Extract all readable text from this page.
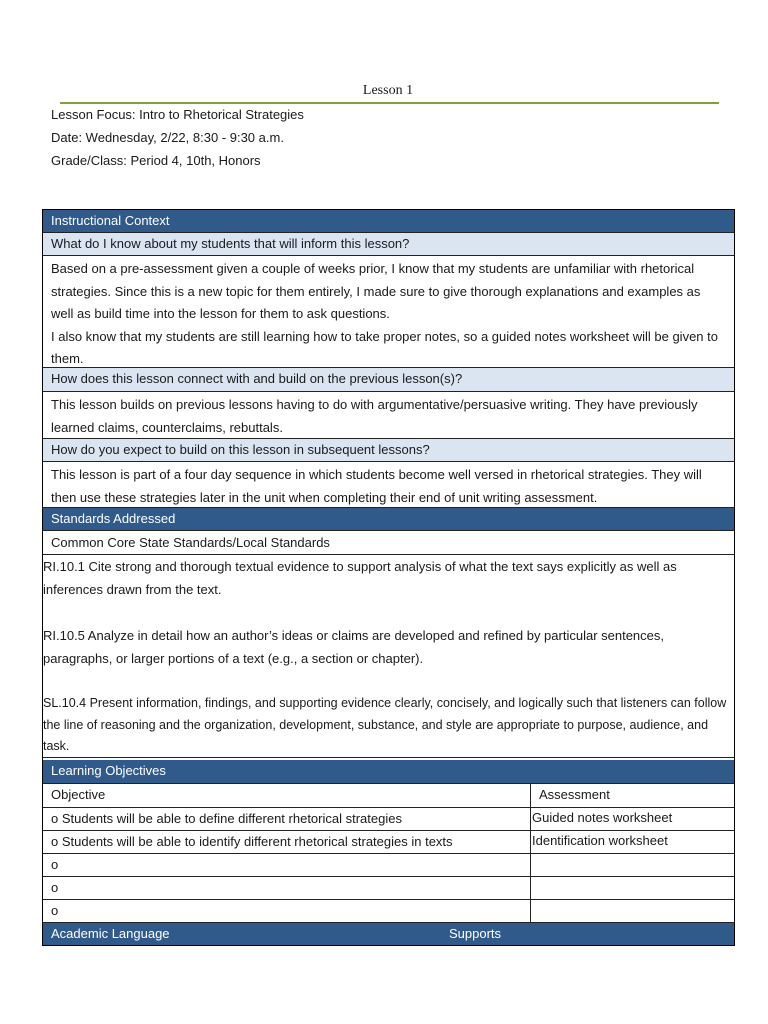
Lesson 1
Lesson Focus: Intro to Rhetorical Strategies
Date: Wednesday, 2/22, 8:30 - 9:30 a.m.
Grade/Class: Period 4, 10th, Honors
Instructional Context
What do I know about my students that will inform this lesson?
Based on a pre-assessment given a couple of weeks prior, I know that my students are unfamiliar with rhetorical strategies. Since this is a new topic for them entirely, I made sure to give thorough explanations and examples as well as build time into the lesson for them to ask questions.
I also know that my students are still learning how to take proper notes, so a guided notes worksheet will be given to them.
How does this lesson connect with and build on the previous lesson(s)?
This lesson builds on previous lessons having to do with argumentative/persuasive writing. They have previously learned claims, counterclaims, rebuttals.
How do you expect to build on this lesson in subsequent lessons?
This lesson is part of a four day sequence in which students become well versed in rhetorical strategies. They will then use these strategies later in the unit when completing their end of unit writing assessment.
Standards Addressed
Common Core State Standards/Local Standards

RI.10.1 Cite strong and thorough textual evidence to support analysis of what the text says explicitly as well as inferences drawn from the text.

RI.10.5 Analyze in detail how an author’s ideas or claims are developed and refined by particular sentences, paragraphs, or larger portions of a text (e.g., a section or chapter).

SL.10.4 Present information, findings, and supporting evidence clearly, concisely, and logically such that listeners can follow the line of reasoning and the organization, development, substance, and style are appropriate to purpose, audience, and task.

Learning Objectives
Objective	Assessment
o Students will be able to define different rhetorical strategies	Guided notes worksheet
o Students will be able to identify different rhetorical strategies in texts	Identification worksheet
o
o
o
Academic Language	Supports
